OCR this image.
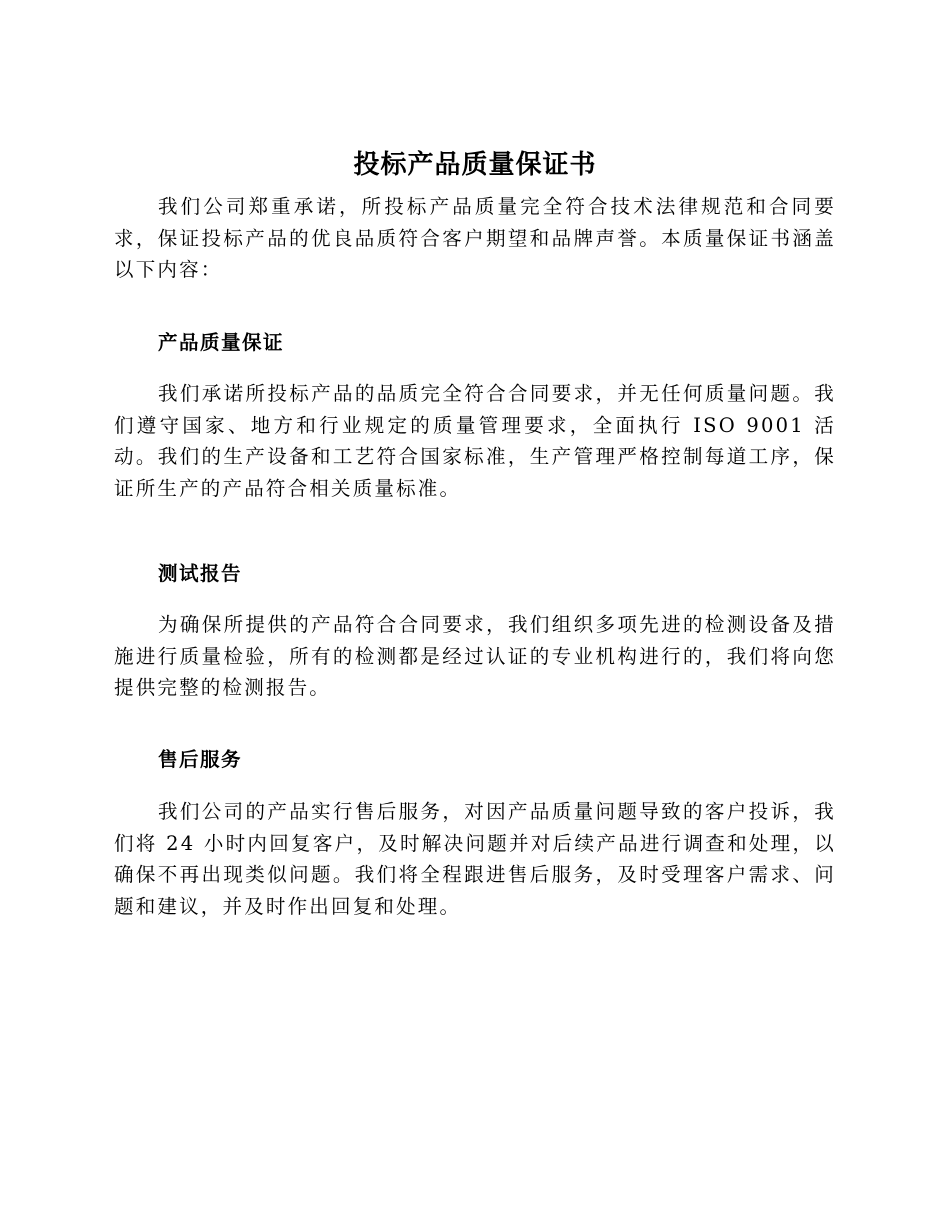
投标产品质量保证书

我们公司郑重承诺，所投标产品质量完全符合技术法律规范和合同要求，保证投标产品的优良品质符合客户期望和品牌声誉。本质量保证书涵盖以下内容：

产品质量保证

我们承诺所投标产品的品质完全符合合同要求，并无任何质量问题。我们遵守国家、地方和行业规定的质量管理要求，全面执行 ISO 9001 活动。我们的生产设备和工艺符合国家标准，生产管理严格控制每道工序，保证所生产的产品符合相关质量标准。

测试报告

为确保所提供的产品符合合同要求，我们组织多项先进的检测设备及措施进行质量检验，所有的检测都是经过认证的专业机构进行的，我们将向您提供完整的检测报告。

售后服务

我们公司的产品实行售后服务，对因产品质量问题导致的客户投诉，我们将 24 小时内回复客户，及时解决问题并对后续产品进行调查和处理，以确保不再出现类似问题。我们将全程跟进售后服务，及时受理客户需求、问题和建议，并及时作出回复和处理。
